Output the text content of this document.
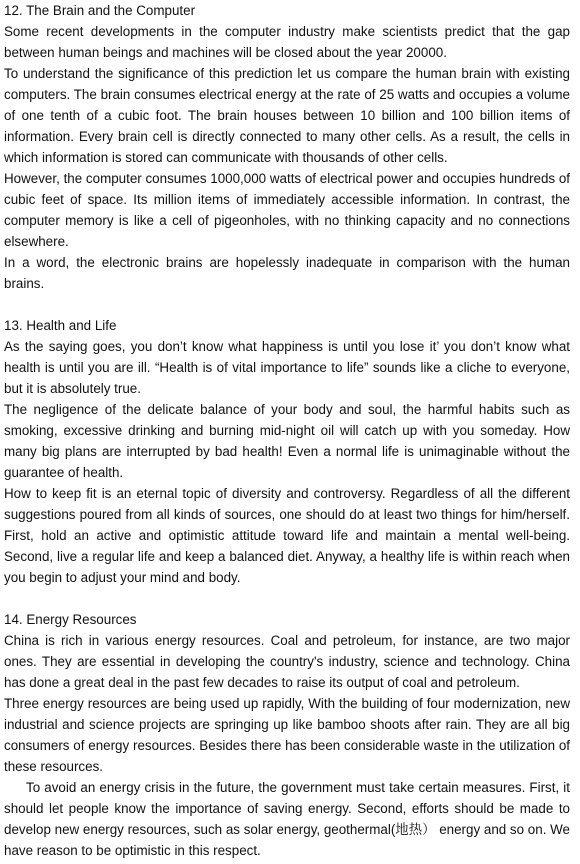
12. The Brain and the Computer

Some recent developments in the computer industry make scientists predict that the gap between human beings and machines will be closed about the year 20000.

To understand the significance of this prediction let us compare the human brain with existing computers. The brain consumes electrical energy at the rate of 25 watts and occupies a volume of one tenth of a cubic foot. The brain houses between 10 billion and 100 billion items of information. Every brain cell is directly connected to many other cells. As a result, the cells in which information is stored can communicate with thousands of other cells.

However, the computer consumes 1000,000 watts of electrical power and occupies hundreds of cubic feet of space. Its million items of immediately accessible information. In contrast, the computer memory is like a cell of pigeonholes, with no thinking capacity and no connections elsewhere.

In a word, the electronic brains are hopelessly inadequate in comparison with the human brains.

13. Health and Life

As the saying goes, you don’t know what happiness is until you lose it’ you don’t know what health is until you are ill. “Health is of vital importance to life” sounds like a cliche to everyone, but it is absolutely true.

The negligence of the delicate balance of your body and soul, the harmful habits such as smoking, excessive drinking and burning mid-night oil will catch up with you someday. How many big plans are interrupted by bad health! Even a normal life is unimaginable without the guarantee of health.

How to keep fit is an eternal topic of diversity and controversy. Regardless of all the different suggestions poured from all kinds of sources, one should do at least two things for him/herself. First, hold an active and optimistic attitude toward life and maintain a mental well-being. Second, live a regular life and keep a balanced diet. Anyway, a healthy life is within reach when you begin to adjust your mind and body.

14. Energy Resources

China is rich in various energy resources. Coal and petroleum, for instance, are two major ones. They are essential in developing the country's industry, science and technology. China has done a great deal in the past few decades to raise its output of coal and petroleum.

Three energy resources are being used up rapidly, With the building of four modernization, new industrial and science projects are springing up like bamboo shoots after rain. They are all big consumers of energy resources. Besides there has been considerable waste in the utilization of these resources.

To avoid an energy crisis in the future, the government must take certain measures. First, it should let people know the importance of saving energy. Second, efforts should be made to develop new energy resources, such as solar energy, geothermal(地热） energy and so on. We have reason to be optimistic in this respect.
